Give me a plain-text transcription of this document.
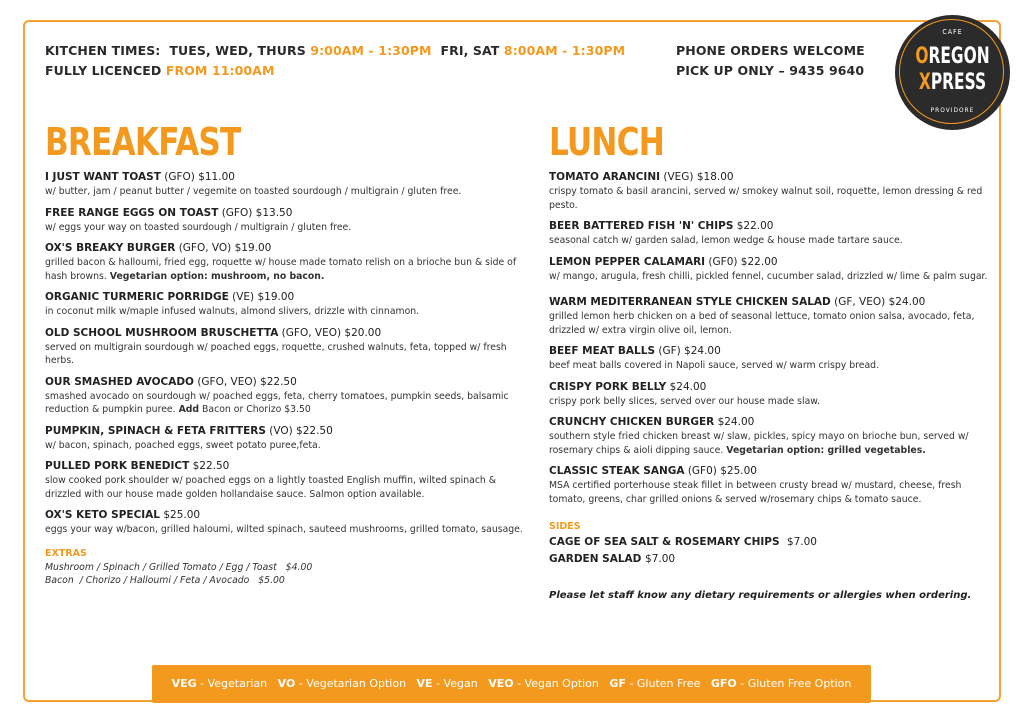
KITCHEN TIMES: TUES, WED, THURS 9:00AM - 1:30PM FRI, SAT 8:00AM - 1:30PM
FULLY LICENCED FROM 11:00AM
PHONE ORDERS WELCOME
PICK UP ONLY – 9435 9640
CAFE
OREGON
XPRESS
PROVIDORE
BREAKFAST
I JUST WANT TOAST (GFO) $11.00
w/ butter, jam / peanut butter / vegemite on toasted sourdough / multigrain / gluten free.
FREE RANGE EGGS ON TOAST (GFO) $13.50
w/ eggs your way on toasted sourdough / multigrain / gluten free.
OX'S BREAKY BURGER (GFO, VO) $19.00
grilled bacon & halloumi, fried egg, roquette w/ house made tomato relish on a brioche bun & side of hash browns. Vegetarian option: mushroom, no bacon.
ORGANIC TURMERIC PORRIDGE (VE) $19.00
in coconut milk w/maple infused walnuts, almond slivers, drizzle with cinnamon.
OLD SCHOOL MUSHROOM BRUSCHETTA (GFO, VEO) $20.00
served on multigrain sourdough w/ poached eggs, roquette, crushed walnuts, feta, topped w/ fresh herbs.
OUR SMASHED AVOCADO (GFO, VEO) $22.50
smashed avocado on sourdough w/ poached eggs, feta, cherry tomatoes, pumpkin seeds, balsamic reduction & pumpkin puree. Add Bacon or Chorizo $3.50
PUMPKIN, SPINACH & FETA FRITTERS (VO) $22.50
w/ bacon, spinach, poached eggs, sweet potato puree,feta.
PULLED PORK BENEDICT $22.50
slow cooked pork shoulder w/ poached eggs on a lightly toasted English muffin, wilted spinach & drizzled with our house made golden hollandaise sauce. Salmon option available.
OX'S KETO SPECIAL $25.00
eggs your way w/bacon, grilled haloumi, wilted spinach, sauteed mushrooms, grilled tomato, sausage.
EXTRAS
Mushroom / Spinach / Grilled Tomato / Egg / Toast   $4.00
Bacon  / Chorizo / Halloumi / Feta / Avocado   $5.00
LUNCH
TOMATO ARANCINI (VEG) $18.00
crispy tomato & basil arancini, served w/ smokey walnut soil, roquette, lemon dressing & red pesto.
BEER BATTERED FISH 'N' CHIPS $22.00
seasonal catch w/ garden salad, lemon wedge & house made tartare sauce.
LEMON PEPPER CALAMARI (GF0) $22.00
w/ mango, arugula, fresh chilli, pickled fennel, cucumber salad, drizzled w/ lime & palm sugar.
WARM MEDITERRANEAN STYLE CHICKEN SALAD (GF, VEO) $24.00
grilled lemon herb chicken on a bed of seasonal lettuce, tomato onion salsa, avocado, feta, drizzled w/ extra virgin olive oil, lemon.
BEEF MEAT BALLS (GF) $24.00
beef meat balls covered in Napoli sauce, served w/ warm crispy bread.
CRISPY PORK BELLY $24.00
crispy pork belly slices, served over our house made slaw.
CRUNCHY CHICKEN BURGER $24.00
southern style fried chicken breast w/ slaw, pickles, spicy mayo on brioche bun, served w/ rosemary chips & aioli dipping sauce. Vegetarian option: grilled vegetables.
CLASSIC STEAK SANGA (GF0) $25.00
MSA certified porterhouse steak fillet in between crusty bread w/ mustard, cheese, fresh tomato, greens, char grilled onions & served w/rosemary chips & tomato sauce.
SIDES
CAGE OF SEA SALT & ROSEMARY CHIPS $7.00
GARDEN SALAD $7.00
Please let staff know any dietary requirements or allergies when ordering.
VEG - Vegetarian VO - Vegetarian Option VE - Vegan VEO - Vegan Option GF - Gluten Free GFO - Gluten Free Option
